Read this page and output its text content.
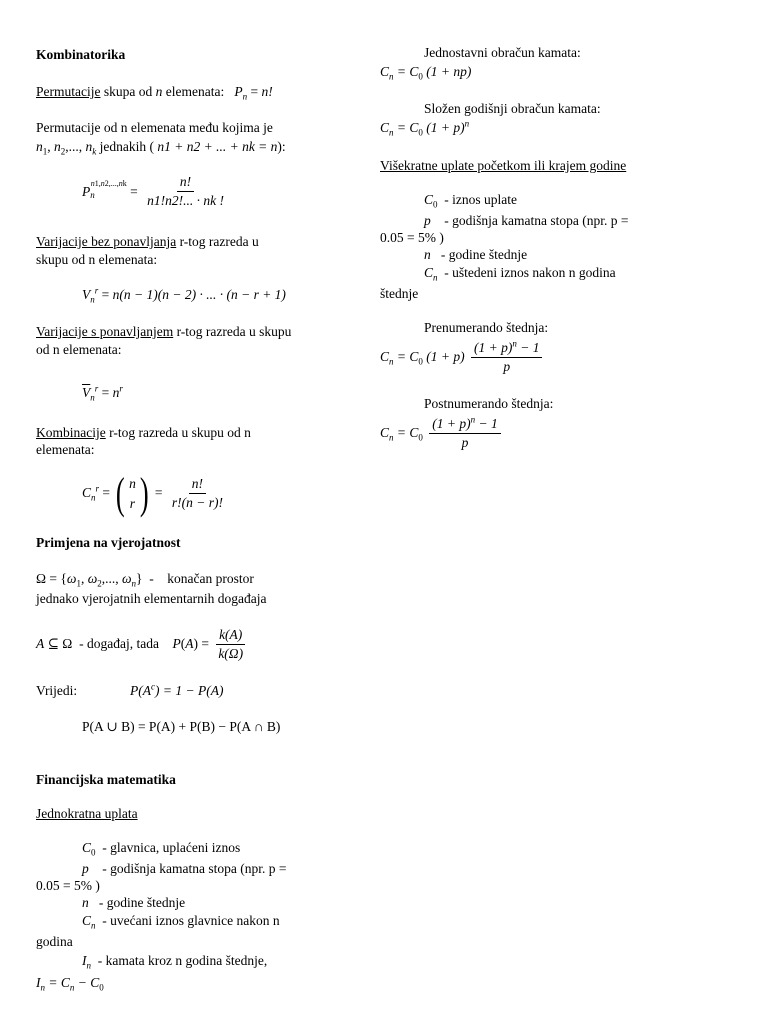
Kombinatorika
Permutacije skupa od n elemenata: $P_n = n$!
Permutacije od n elemenata među kojima je
$n_1$, $n_2$,..., $n_k$ jednakih ( n1 + n2 + ... + nk = n):
$P_n^{n1,n2,...,nk} = \frac{n!}{n1!n2!... \cdot nk !}$
Varijacije bez ponavljanja r-tog razreda u
skupu od n elemenata:
$V_n^r = n(n - 1)(n - 2)$ · ... · (n − r + 1)
Varijacije s ponavljanjem r-tog razreda u skupu
od n elemenata:
$\overline{V}_n^r = n^r$
Kombinacije r-tog razreda u skupu od n
elemenata:
$C_n^r$ = ( n
r ) = $\frac{n!}{r!(n - r)!}$
Primjena na vjerojatnost
$\Omega = \{\omega_1$, $\omega_2$,..., $\omega_n$}  -    konačan prostor
jednako vjerojatnih elementarnih događaja
A ⊆ Ω  - događaj, tada $P(A) = \frac{k(A)}{k(\Omega)}$
Vrijedi:	$P(A^c) = 1 - P(A)$
P(A ∪ B) = P(A) + P(B) − P(A ∩ B)
Financijska matematika
Jednokratna uplata
$C_0$ - glavnica, uplaćeni iznos
p - godišnja kamatna stopa (npr. p =
0.05 = 5% )
n - godine štednje
$C_n$ - uvećani iznos glavnice nakon n
godina
$I_n$ - kamata kroz n godina štednje,
$I_n = C_n - C_0$
Jednostavni obračun kamata:
$C_n = C_0$ (1 + np)
Složen godišnji obračun kamata:
$C_n = C_0$ $(1 + p)^n$
Višekratne uplate početkom ili krajem godine
$C_0$ - iznos uplate
p - godišnja kamatna stopa (npr. p =
0.05 = 5% )
n - godine štednje
$C_n$ - uštedeni iznos nakon n godina
štednje
Prenumerando štednja:
$C_n = C_0$ $(1 + p) \frac{(1 + p)^n - 1}{p}$
Postnumerando štednja:
$C_n = C_0 \frac{(1 + p)^n - 1}{p}$
